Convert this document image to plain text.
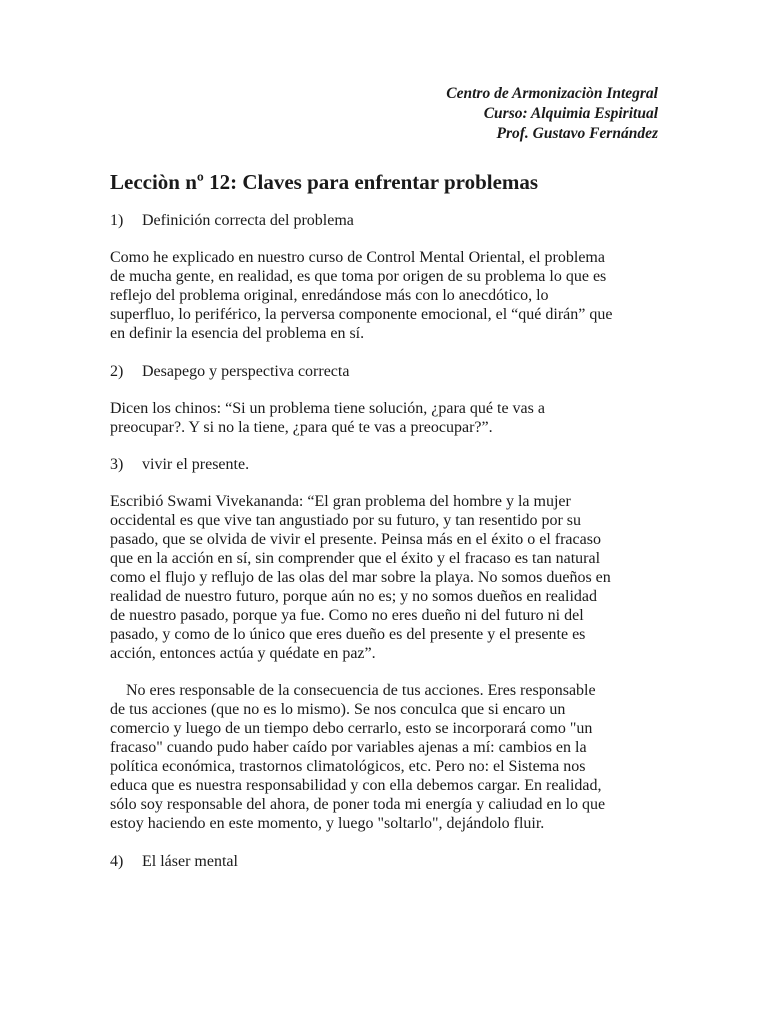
Centro de Armonizaciòn Integral
Curso: Alquimia Espiritual
Prof. Gustavo Fernández
Lecciòn nº 12: Claves para enfrentar problemas
1)	Definición correcta del problema
Como he explicado en nuestro curso de Control Mental Oriental, el problema
de mucha gente, en realidad, es que toma por origen de su problema lo que es
reflejo del problema original, enredándose más con lo anecdótico, lo
superfluo, lo periférico, la perversa componente emocional, el “qué dirán” que
en definir la esencia del problema en sí.
2)	Desapego y perspectiva correcta
Dicen los chinos: “Si un problema tiene solución, ¿para qué te vas a
preocupar?. Y si no la tiene, ¿para qué te vas a preocupar?”.
3)	vivir el presente.
Escribió Swami Vivekananda: “El gran problema del hombre y la mujer
occidental es que vive tan angustiado por su futuro, y tan resentido por su
pasado, que se olvida de vivir el presente. Peinsa más en el éxito o el fracaso
que en la acción en sí, sin comprender que el éxito y el fracaso es tan natural
como el flujo y reflujo de las olas del mar sobre la playa. No somos dueños en
realidad de nuestro futuro, porque aún no es; y no somos dueños en realidad
de nuestro pasado, porque ya fue. Como no eres dueño ni del futuro ni del
pasado, y como de lo único que eres dueño es del presente y el presente es
acción, entonces actúa y quédate en paz”.
No eres responsable de la consecuencia de tus acciones. Eres responsable
de tus acciones (que no es lo mismo). Se nos conculca que si encaro un
comercio y luego de un tiempo debo cerrarlo, esto se incorporará como "un
fracaso" cuando pudo haber caído por variables ajenas a mí: cambios en la
política económica, trastornos climatológicos, etc. Pero no: el Sistema nos
educa que es nuestra responsabilidad y con ella debemos cargar. En realidad,
sólo soy responsable del ahora, de poner toda mi energía y caliudad en lo que
estoy haciendo en este momento, y luego "soltarlo", dejándolo fluir.
4)	El láser mental
